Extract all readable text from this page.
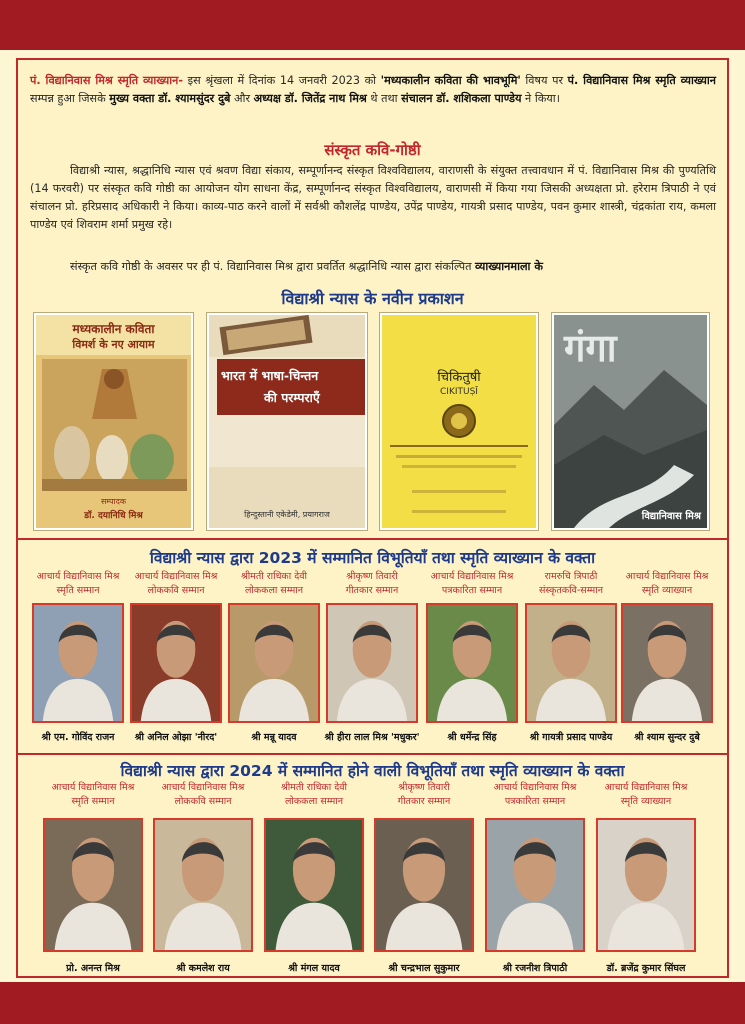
पं. विद्यानिवास मिश्र स्मृति व्याख्यान- इस श्रृंखला में दिनांक 14 जनवरी 2023 को 'मध्यकालीन कविता की भावभूमि' विषय पर पं. विद्यानिवास मिश्र स्मृति व्याख्यान सम्पन्न हुआ जिसके मुख्य वक्ता डॉ. श्यामसुंदर दुबे और अध्यक्ष डॉ. जितेंद्र नाथ मिश्र थे तथा संचालन डॉ. शशिकला पाण्डेय ने किया।

संस्कृत कवि-गोष्ठी

विद्याश्री न्यास, श्रद्धानिधि न्यास एवं श्रवण विद्या संकाय, सम्पूर्णानन्द संस्कृत विश्वविद्यालय, वाराणसी के संयुक्त तत्त्वावधान में पं. विद्यानिवास मिश्र की पुण्यतिथि (14 फरवरी) पर संस्कृत कवि गोष्ठी का आयोजन योग साधना केंद्र, सम्पूर्णानन्द संस्कृत विश्वविद्यालय, वाराणसी में किया गया जिसकी अध्यक्षता प्रो. हरेराम त्रिपाठी ने एवं संचालन प्रो. हरिप्रसाद अधिकारी ने किया। काव्य-पाठ करने वालों में सर्वश्री कौशलेंद्र पाण्डेय, उपेंद्र पाण्डेय, गायत्री प्रसाद पाण्डेय, पवन कुमार शास्त्री, चंद्रकांता राय, कमला पाण्डेय एवं शिवराम शर्मा प्रमुख रहे।

संस्कृत कवि गोष्ठी के अवसर पर ही पं. विद्यानिवास मिश्र द्वारा प्रवर्तित श्रद्धानिधि न्यास द्वारा संकल्पित व्याख्यानमाला के

विद्याश्री न्यास के नवीन प्रकाशन
मध्यकालीन कविता
विमर्श के नए आयाम
सम्पादक
डॉ. दयानिधि मिश्र
भारत में भाषा-चिन्तन
की परम्पराएँ
हिन्दुस्तानी एकेडेमी, प्रयागराज
चिकितुषी
CIKITUṢĪ
गंगा
विद्यानिवास मिश्र
विद्याश्री न्यास द्वारा 2023 में सम्मानित विभूतियाँ तथा स्मृति व्याख्यान के वक्ता
आचार्य विद्यानिवास मिश्र
स्मृति सम्मान
श्री एम. गोविंद राजन
आचार्य विद्यानिवास मिश्र
लोककवि सम्मान
श्री अनिल ओझा 'नीरद'
श्रीमती राधिका देवी
लोककला सम्मान
श्री मन्नू यादव
श्रीकृष्ण तिवारी
गीतकार सम्मान
श्री हीरा लाल मिश्र 'मधुकर'
आचार्य विद्यानिवास मिश्र
पत्रकारिता सम्मान
श्री धर्मेन्द्र सिंह
रामरुचि त्रिपाठी
संस्कृतकवि-सम्मान
श्री गायत्री प्रसाद पाण्डेय
आचार्य विद्यानिवास मिश्र
स्मृति व्याख्यान
श्री श्याम सुन्दर दुबे
विद्याश्री न्यास द्वारा 2024 में सम्मानित होने वाली विभूतियाँ तथा स्मृति व्याख्यान के वक्ता
आचार्य विद्यानिवास मिश्र
स्मृति सम्मान
प्रो. अनन्त मिश्र
आचार्य विद्यानिवास मिश्र
लोककवि सम्मान
श्री कमलेश राय
श्रीमती राधिका देवी
लोककला सम्मान
श्री मंगल यादव
श्रीकृष्ण तिवारी
गीतकार सम्मान
श्री चन्द्रभाल सुकुमार
आचार्य विद्यानिवास मिश्र
पत्रकारिता सम्मान
श्री रजनीश त्रिपाठी
आचार्य विद्यानिवास मिश्र
स्मृति व्याख्यान
डॉ. ब्रजेंद्र कुमार सिंघल
